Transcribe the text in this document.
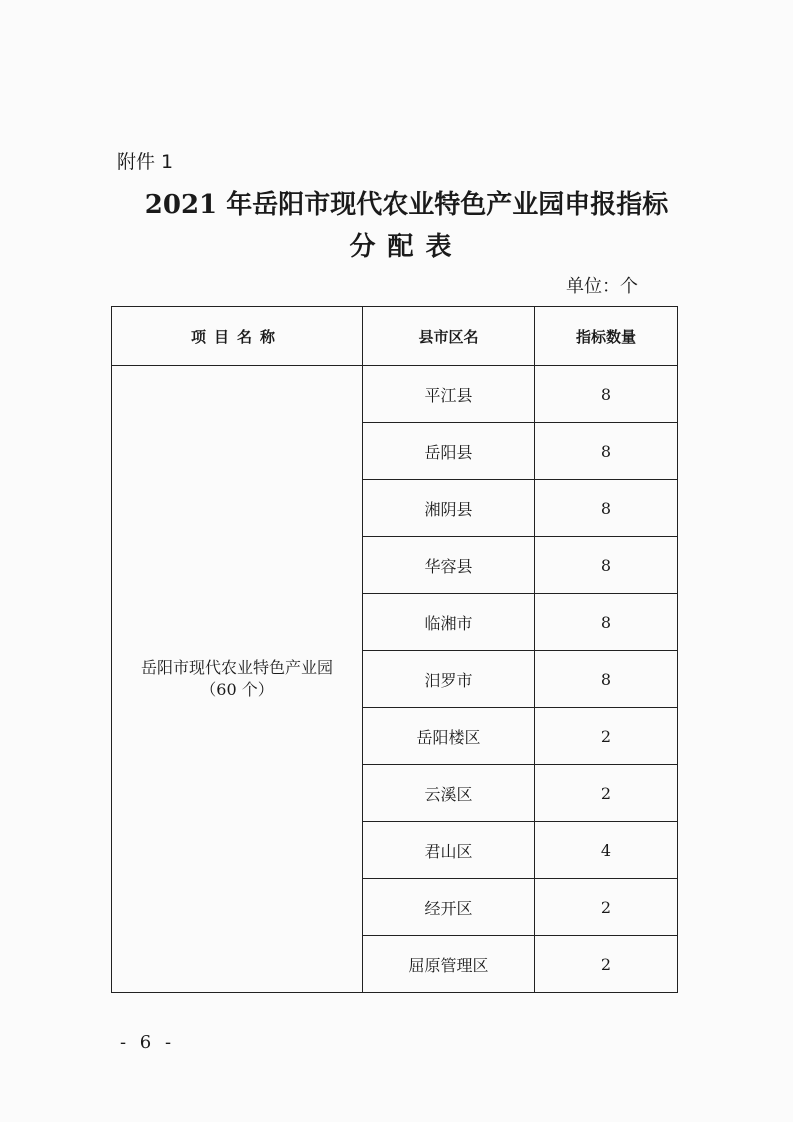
附件 1
2021 年岳阳市现代农业特色产业园申报指标
分配表
单位：个
项目名称	县市区名	指标数量

岳阳市现代农业特色产业园
（60 个）	平江县	8
	岳阳县	8
	湘阴县	8
	华容县	8
	临湘市	8
	汨罗市	8
	岳阳楼区	2
	云溪区	2
	君山区	4
	经开区	2
	屈原管理区	2
- 6 -
